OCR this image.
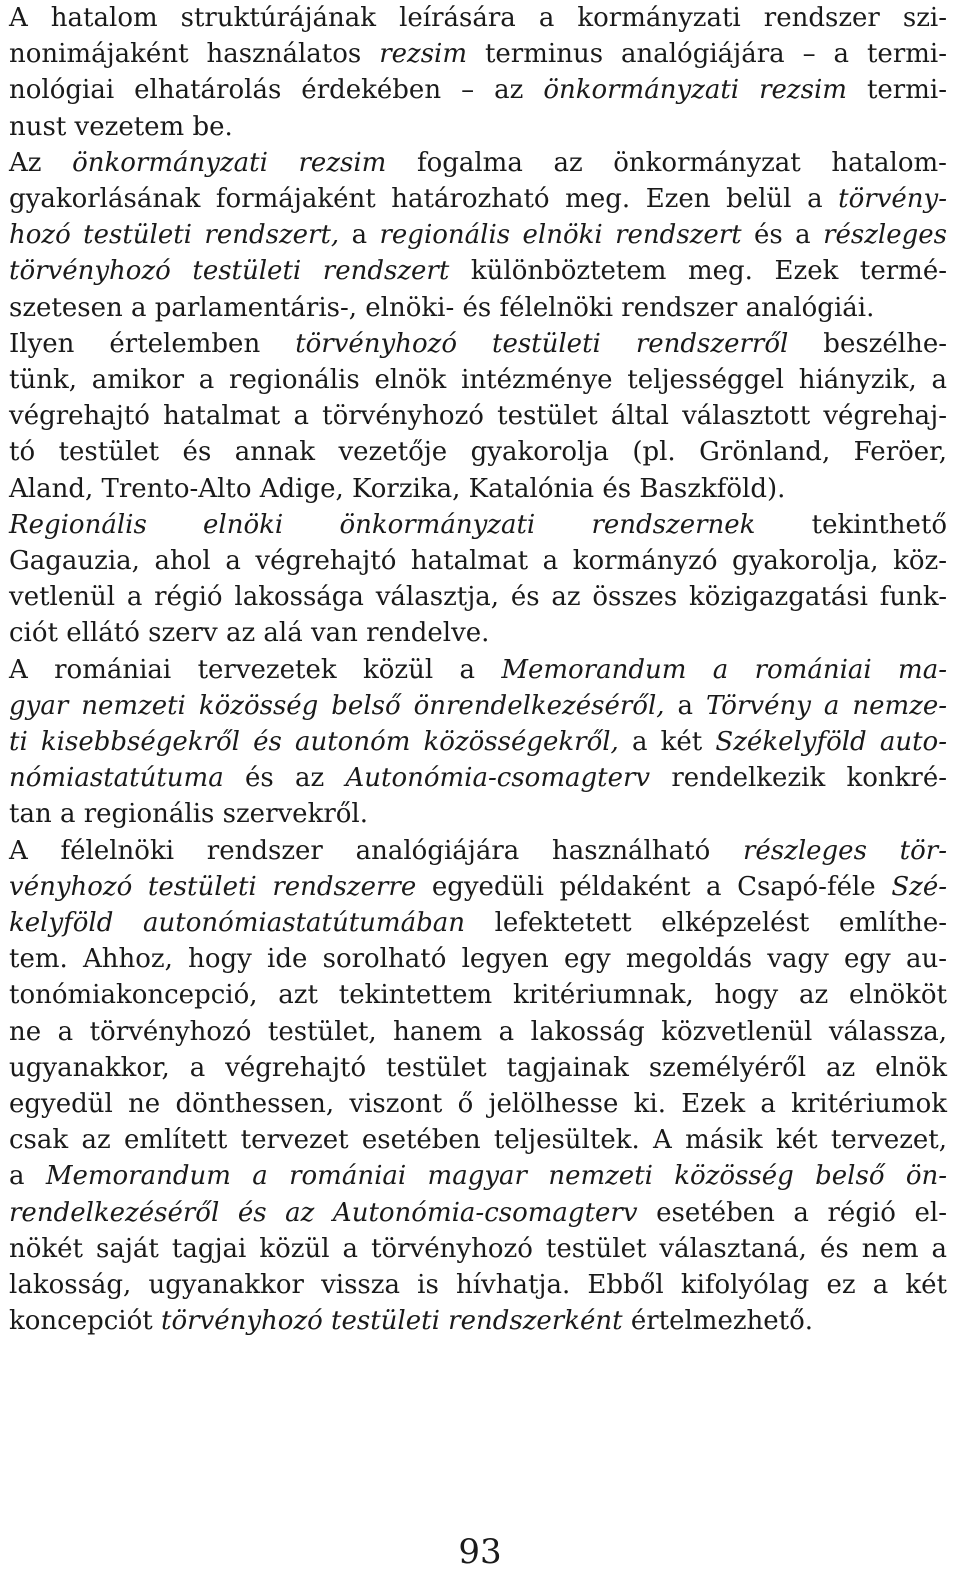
A hatalom struktúrájának leírására a kormányzati rendszer szi-
nonimájaként használatos rezsim terminus analógiájára – a termi-
nológiai elhatárolás érdekében – az önkormányzati rezsim termi-
nust vezetem be.
Az önkormányzati rezsim fogalma az önkormányzat hatalom-
gyakorlásának formájaként határozható meg. Ezen belül a törvény-
hozó testületi rendszert, a regionális elnöki rendszert és a részleges
törvényhozó testületi rendszert különböztetem meg. Ezek termé-
szetesen a parlamentáris-, elnöki- és félelnöki rendszer analógiái.
Ilyen értelemben törvényhozó testületi rendszerről beszélhe-
tünk, amikor a regionális elnök intézménye teljességgel hiányzik, a
végrehajtó hatalmat a törvényhozó testület által választott végrehaj-
tó testület és annak vezetője gyakorolja (pl. Grönland, Feröer,
Aland, Trento-Alto Adige, Korzika, Katalónia és Baszkföld).
Regionális elnöki önkormányzati rendszernek tekinthető
Gagauzia, ahol a végrehajtó hatalmat a kormányzó gyakorolja, köz-
vetlenül a régió lakossága választja, és az összes közigazgatási funk-
ciót ellátó szerv az alá van rendelve.
A romániai tervezetek közül a Memorandum a romániai ma-
gyar nemzeti közösség belső önrendelkezéséről, a Törvény a nemze-
ti kisebbségekről és autonóm közösségekről, a két Székelyföld auto-
nómiastatútuma és az Autonómia-csomagterv rendelkezik konkré-
tan a regionális szervekről.
A félelnöki rendszer analógiájára használható részleges tör-
vényhozó testületi rendszerre egyedüli példaként a Csapó-féle Szé-
kelyföld autonómiastatútumában lefektetett elképzelést említhe-
tem. Ahhoz, hogy ide sorolható legyen egy megoldás vagy egy au-
tonómiakoncepció, azt tekintettem kritériumnak, hogy az elnököt
ne a törvényhozó testület, hanem a lakosság közvetlenül válassza,
ugyanakkor, a végrehajtó testület tagjainak személyéről az elnök
egyedül ne dönthessen, viszont ő jelölhesse ki. Ezek a kritériumok
csak az említett tervezet esetében teljesültek. A másik két tervezet,
a Memorandum a romániai magyar nemzeti közösség belső ön-
rendelkezéséről és az Autonómia-csomagterv esetében a régió el-
nökét saját tagjai közül a törvényhozó testület választaná, és nem a
lakosság, ugyanakkor vissza is hívhatja. Ebből kifolyólag ez a két
koncepciót törvényhozó testületi rendszerként értelmezhető.
93
